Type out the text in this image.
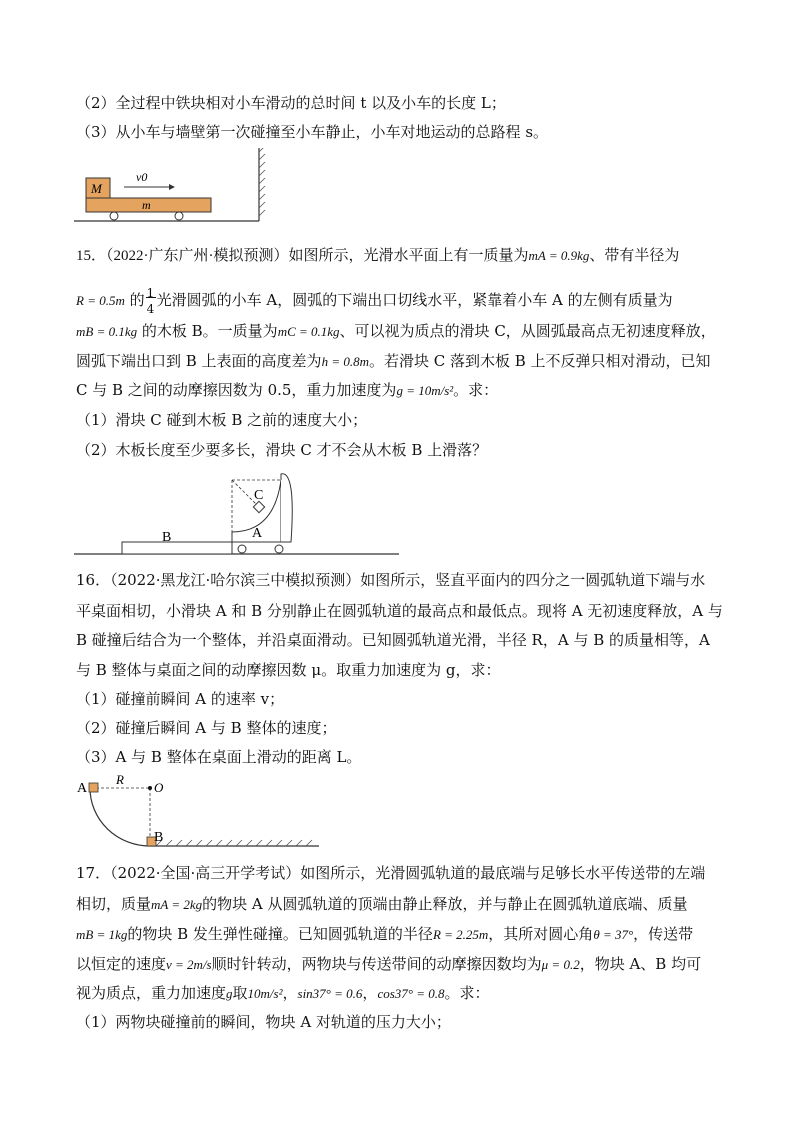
（2）全过程中铁块相对小车滑动的总时间 t 以及小车的长度 L；
（3）从小车与墙壁第一次碰撞至小车静止，小车对地运动的总路程 s。
M
m
v0
15．（2022·广东广州·模拟预测）如图所示，光滑水平面上有一质量为mA = 0.9kg、带有半径为
R = 0.5m 的 1
4 光滑圆弧的小车 A，圆弧的下端出口切线水平，紧靠着小车 A 的左侧有质量为
mB = 0.1kg 的木板 B。一质量为mC = 0.1kg、可以视为质点的滑块 C，从圆弧最高点无初速度释放，
圆弧下端出口到 B 上表面的高度差为h = 0.8m。若滑块 C 落到木板 B 上不反弹只相对滑动，已知
C 与 B 之间的动摩擦因数为 0.5，重力加速度为g = 10m/s²。求：
（1）滑块 C 碰到木板 B 之前的速度大小；
（2）木板长度至少要多长，滑块 C 才不会从木板 B 上滑落？
B	A
C
16．（2022·黑龙江·哈尔滨三中模拟预测）如图所示，竖直平面内的四分之一圆弧轨道下端与水
平桌面相切，小滑块 A 和 B 分别静止在圆弧轨道的最高点和最低点。现将 A 无初速度释放，A 与
B 碰撞后结合为一个整体，并沿桌面滑动。已知圆弧轨道光滑，半径 R，A 与 B 的质量相等，A
与 B 整体与桌面之间的动摩擦因数 μ。取重力加速度为 g，求：
（1）碰撞前瞬间 A 的速率 v；
（2）碰撞后瞬间 A 与 B 整体的速度；
（3）A 与 B 整体在桌面上滑动的距离 L。
A
B
R
O
17．（2022·全国·高三开学考试）如图所示，光滑圆弧轨道的最底端与足够长水平传送带的左端
相切，质量mA = 2kg的物块 A 从圆弧轨道的顶端由静止释放，并与静止在圆弧轨道底端、质量
mB = 1kg的物块 B 发生弹性碰撞。已知圆弧轨道的半径R = 2.25m，其所对圆心角θ = 37°，传送带
以恒定的速度v = 2m/s顺时针转动，两物块与传送带间的动摩擦因数均为μ = 0.2，物块 A、B 均可
视为质点，重力加速度g取10m/s²，sin37° = 0.6，cos37° = 0.8。求：
（1）两物块碰撞前的瞬间，物块 A 对轨道的压力大小；
